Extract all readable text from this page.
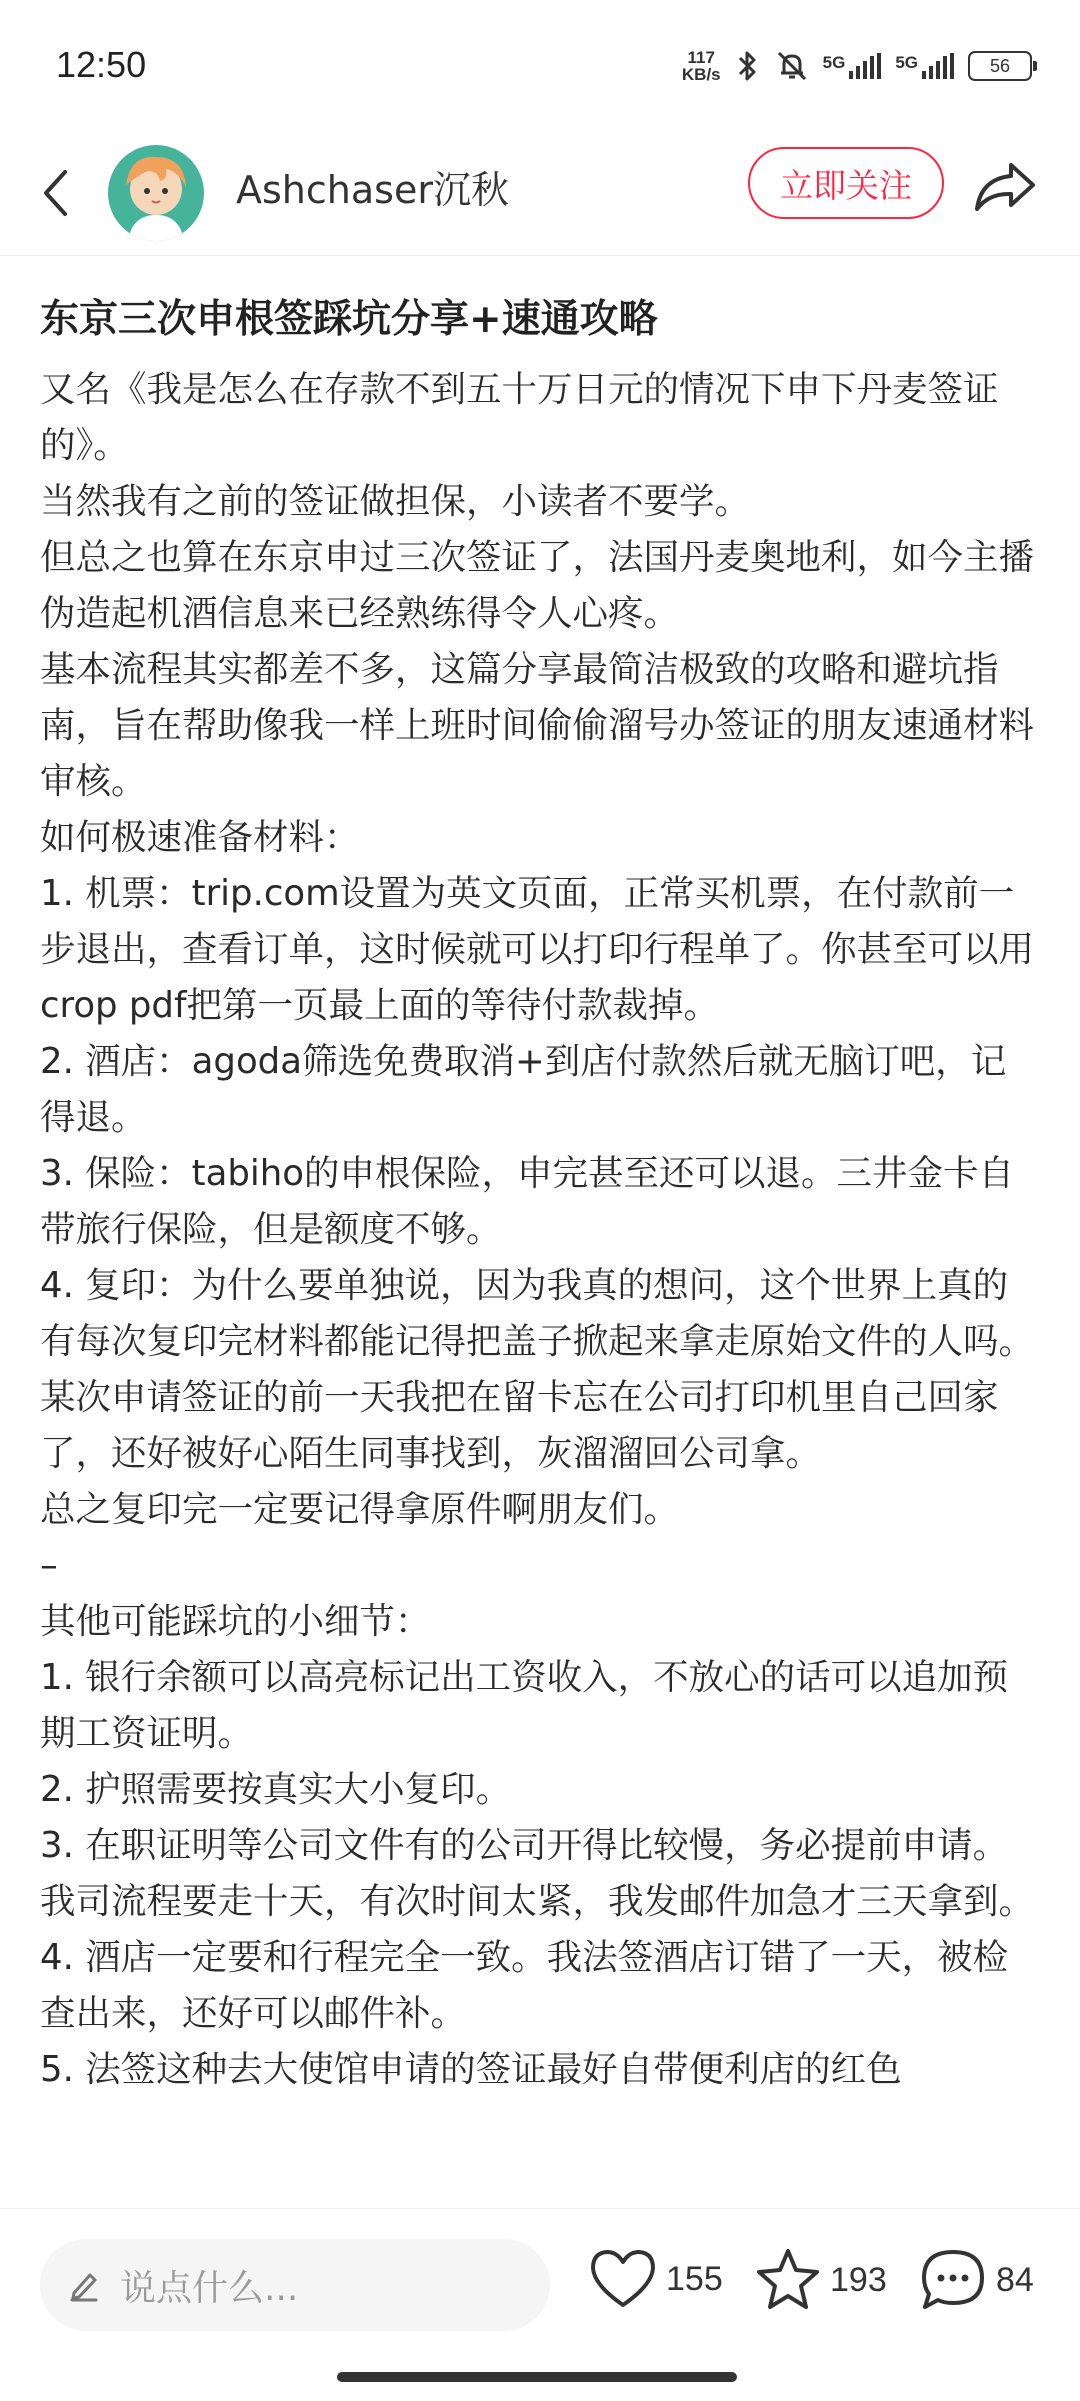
12:50	117
KB/s
5G	5G	56
Ashchaser沉秋	立即关注
东京三次申根签踩坑分享+速通攻略

又名《我是怎么在存款不到五十万日元的情况下申下丹麦签证的》。

当然我有之前的签证做担保，小读者不要学。

但总之也算在东京申过三次签证了，法国丹麦奥地利，如今主播伪造起机酒信息来已经熟练得令人心疼。

基本流程其实都差不多，这篇分享最简洁极致的攻略和避坑指南，旨在帮助像我一样上班时间偷偷溜号办签证的朋友速通材料审核。

如何极速准备材料：

1. 机票：trip.com设置为英文页面，正常买机票，在付款前一步退出，查看订单，这时候就可以打印行程单了。你甚至可以用crop pdf把第一页最上面的等待付款裁掉。

2. 酒店：agoda筛选免费取消+到店付款然后就无脑订吧，记得退。

3. 保险：tabiho的申根保险，申完甚至还可以退。三井金卡自带旅行保险，但是额度不够。

4. 复印：为什么要单独说，因为我真的想问，这个世界上真的有每次复印完材料都能记得把盖子掀起来拿走原始文件的人吗。某次申请签证的前一天我把在留卡忘在公司打印机里自己回家了，还好被好心陌生同事找到，灰溜溜回公司拿。

总之复印完一定要记得拿原件啊朋友们。

–

其他可能踩坑的小细节：

1. 银行余额可以高亮标记出工资收入，不放心的话可以追加预期工资证明。

2. 护照需要按真实大小复印。

3. 在职证明等公司文件有的公司开得比较慢，务必提前申请。我司流程要走十天，有次时间太紧，我发邮件加急才三天拿到。

4. 酒店一定要和行程完全一致。我法签酒店订错了一天，被检查出来，还好可以邮件补。

5. 法签这种去大使馆申请的签证最好自带便利店的红色

说点什么...	155	193	84
